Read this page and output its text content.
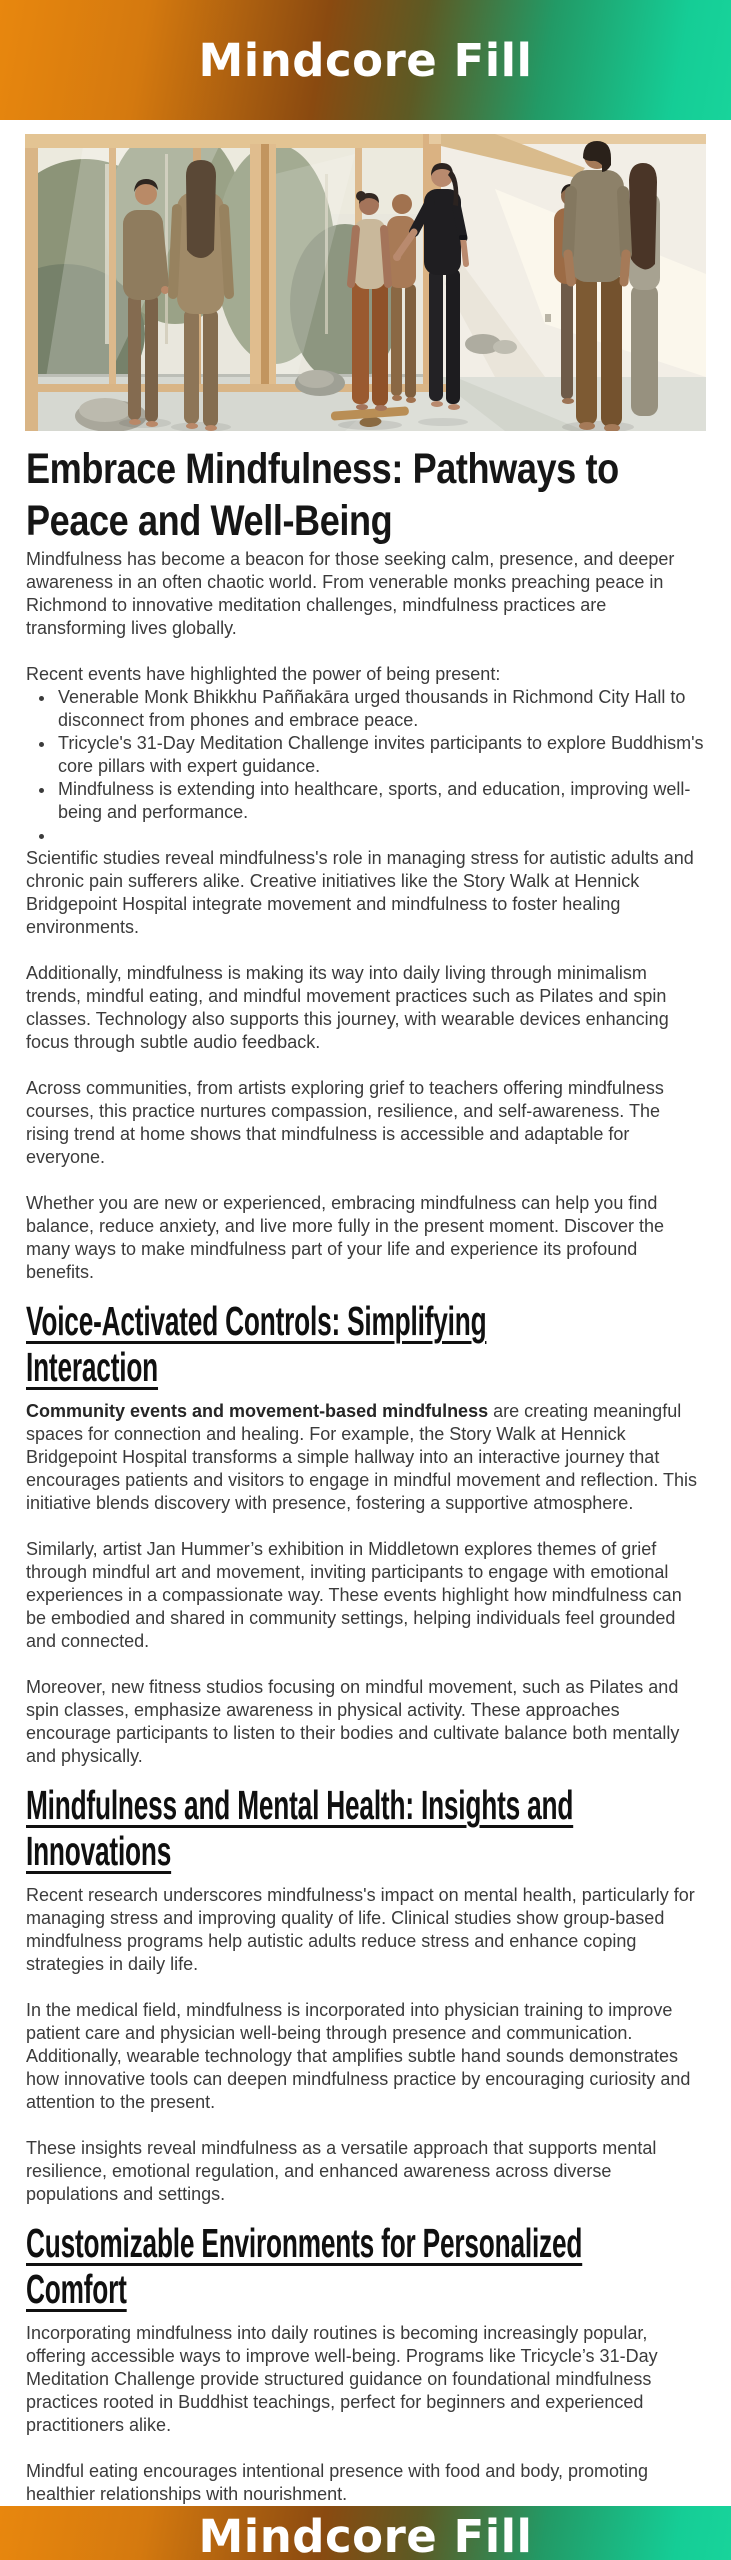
Mindcore Fill
Embrace Mindfulness: Pathways to
Peace and Well-Being

Mindfulness has become a beacon for those seeking calm, presence, and deeper awareness in an often chaotic world. From venerable monks preaching peace in Richmond to innovative meditation challenges, mindfulness practices are transforming lives globally.

Recent events have highlighted the power of being present:

• Venerable Monk Bhikkhu Paññakāra urged thousands in Richmond City Hall to disconnect from phones and embrace peace.
• Tricycle's 31-Day Meditation Challenge invites participants to explore Buddhism's core pillars with expert guidance.
• Mindfulness is extending into healthcare, sports, and education, improving well-being and performance.
•

Scientific studies reveal mindfulness's role in managing stress for autistic adults and chronic pain sufferers alike. Creative initiatives like the Story Walk at Hennick Bridgepoint Hospital integrate movement and mindfulness to foster healing environments.

Additionally, mindfulness is making its way into daily living through minimalism trends, mindful eating, and mindful movement practices such as Pilates and spin classes. Technology also supports this journey, with wearable devices enhancing focus through subtle audio feedback.

Across communities, from artists exploring grief to teachers offering mindfulness courses, this practice nurtures compassion, resilience, and self-awareness. The rising trend at home shows that mindfulness is accessible and adaptable for everyone.

Whether you are new or experienced, embracing mindfulness can help you find balance, reduce anxiety, and live more fully in the present moment. Discover the many ways to make mindfulness part of your life and experience its profound benefits.

Voice-Activated Controls: Simplifying
Interaction

Community events and movement-based mindfulness are creating meaningful spaces for connection and healing. For example, the Story Walk at Hennick Bridgepoint Hospital transforms a simple hallway into an interactive journey that encourages patients and visitors to engage in mindful movement and reflection. This initiative blends discovery with presence, fostering a supportive atmosphere.

Similarly, artist Jan Hummer’s exhibition in Middletown explores themes of grief through mindful art and movement, inviting participants to engage with emotional experiences in a compassionate way. These events highlight how mindfulness can be embodied and shared in community settings, helping individuals feel grounded and connected.

Moreover, new fitness studios focusing on mindful movement, such as Pilates and spin classes, emphasize awareness in physical activity. These approaches encourage participants to listen to their bodies and cultivate balance both mentally and physically.

Mindfulness and Mental Health: Insights and
Innovations

Recent research underscores mindfulness's impact on mental health, particularly for managing stress and improving quality of life. Clinical studies show group-based mindfulness programs help autistic adults reduce stress and enhance coping strategies in daily life.

In the medical field, mindfulness is incorporated into physician training to improve patient care and physician well-being through presence and communication. Additionally, wearable technology that amplifies subtle hand sounds demonstrates how innovative tools can deepen mindfulness practice by encouraging curiosity and attention to the present.

These insights reveal mindfulness as a versatile approach that supports mental resilience, emotional regulation, and enhanced awareness across diverse populations and settings.

Customizable Environments for Personalized
Comfort

Incorporating mindfulness into daily routines is becoming increasingly popular, offering accessible ways to improve well-being. Programs like Tricycle’s 31-Day Meditation Challenge provide structured guidance on foundational mindfulness practices rooted in Buddhist teachings, perfect for beginners and experienced practitioners alike.

Mindful eating encourages intentional presence with food and body, promoting healthier relationships with nourishment.

Mindcore Fill
